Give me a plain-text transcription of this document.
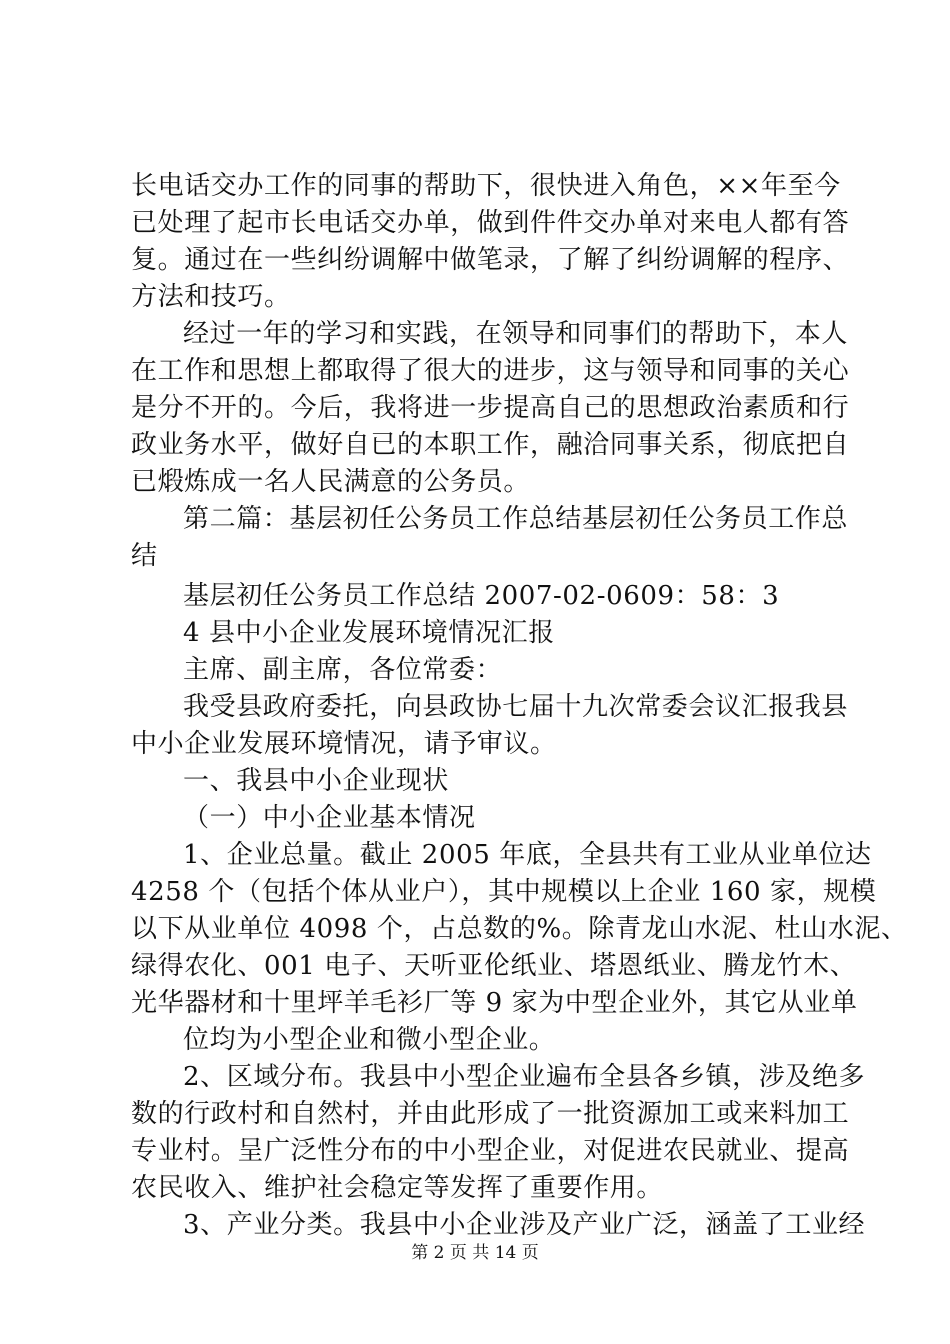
长电话交办工作的同事的帮助下，很快进入角色，××年至今
已处理了起市长电话交办单，做到件件交办单对来电人都有答
复。通过在一些纠纷调解中做笔录，了解了纠纷调解的程序、
方法和技巧。
经过一年的学习和实践，在领导和同事们的帮助下，本人
在工作和思想上都取得了很大的进步，这与领导和同事的关心
是分不开的。今后，我将进一步提高自己的思想政治素质和行
政业务水平，做好自已的本职工作，融洽同事关系，彻底把自
已煅炼成一名人民满意的公务员。
第二篇：基层初任公务员工作总结基层初任公务员工作总
结
基层初任公务员工作总结 2007-02-0609：58：3
4 县中小企业发展环境情况汇报
主席、副主席，各位常委：
我受县政府委托，向县政协七届十九次常委会议汇报我县
中小企业发展环境情况，请予审议。
一、我县中小企业现状
（一）中小企业基本情况
1、企业总量。截止 2005 年底，全县共有工业从业单位达
4258 个（包括个体从业户），其中规模以上企业 160 家，规模
以下从业单位 4098 个，占总数的%。除青龙山水泥、杜山水泥、
绿得农化、001 电子、天听亚伦纸业、塔恩纸业、腾龙竹木、
光华器材和十里坪羊毛衫厂等 9 家为中型企业外，其它从业单
位均为小型企业和微小型企业。
2、区域分布。我县中小型企业遍布全县各乡镇，涉及绝多
数的行政村和自然村，并由此形成了一批资源加工或来料加工
专业村。呈广泛性分布的中小型企业，对促进农民就业、提高
农民收入、维护社会稳定等发挥了重要作用。
3、产业分类。我县中小企业涉及产业广泛，涵盖了工业经
第 2 页 共 14 页
